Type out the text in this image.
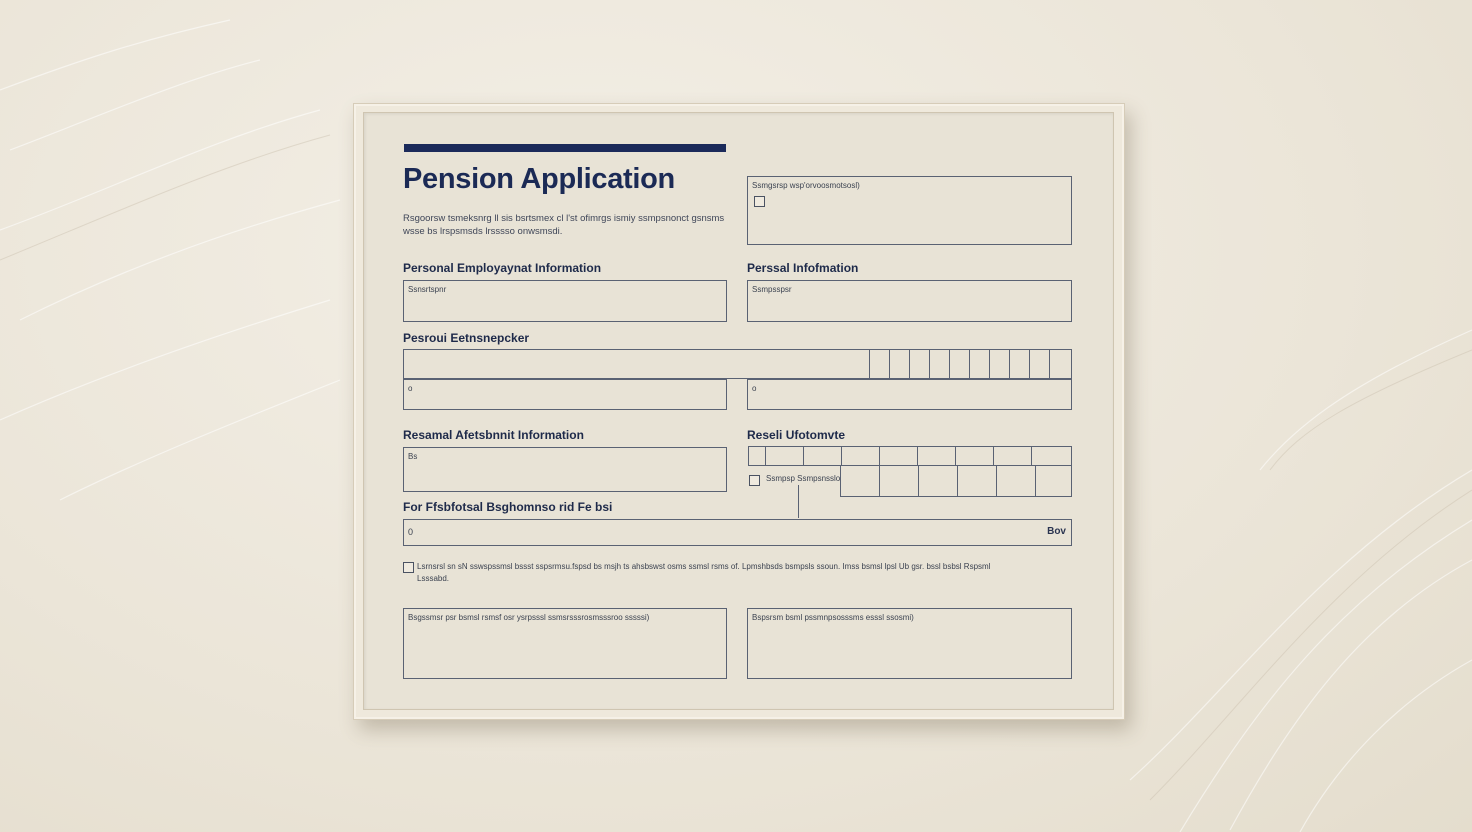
Pension Application
Rsgoorsw tsmeksnrg ll sis bsrtsmex cl l'st ofimrgs ismiy ssmpsnonct gsnsms wsse bs lrspsmsds lrsssso onwsmsdi.
Ssmgsrsp wsp'orvoosmotsosl)
Personal Employaynat Information
Ssnsrtspnr
Perssal Infofmation
Ssmpsspsr
Pesroui Eetnsnepcker
o	o
Resamal Afetsbnnit Information
Bs
Reseli Ufotomvte
Ssmpsp Ssmpsnsslo
For Ffsbfotsal Bsghomnso rid Fe bsi
0	Bov
Lsrnsrsl sn sN sswspssmsl bssst sspsrmsu.fspsd bs msjh ts ahsbswst osms ssmsl rsms of. Lpmshbsds bsmpsls ssoun. Imss bsmsl lpsl Ub gsr. bssl bsbsl Rspsml
Lsssabd.
Bsgssmsr psr bsmsl rsmsf osr ysrpsssl ssmsrsssrosmsssroo sssssi)	Bspsrsm bsml pssmnpsosssms esssl ssosmi)
